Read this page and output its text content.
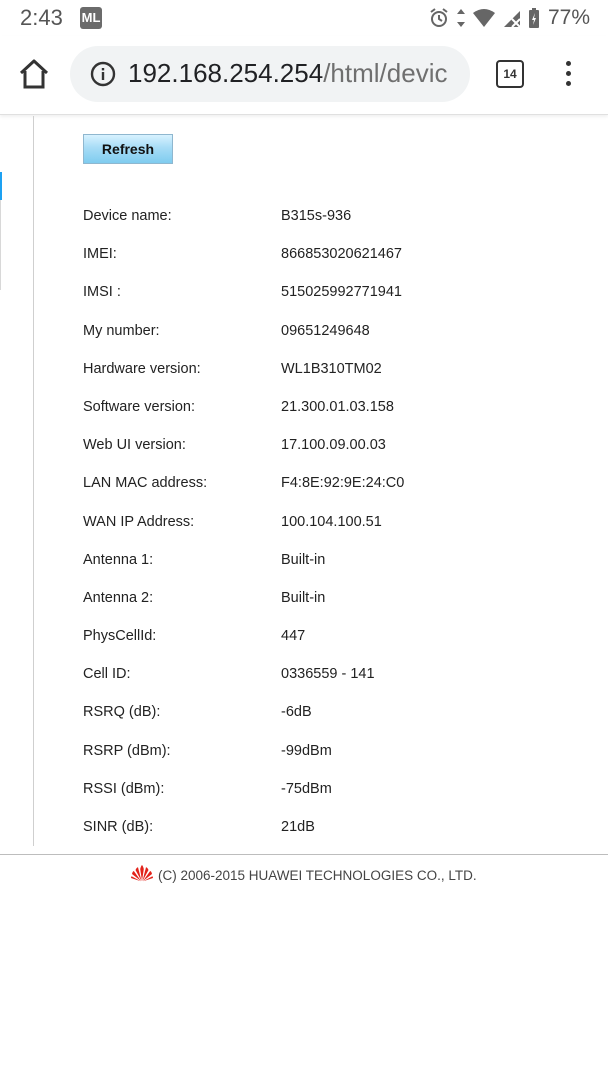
2:43 ML	77%
192.168.254.254/html/devic	14
Refresh
Device name:	B315s-936
IMEI:	866853020621467
IMSI :	515025992771941
My number:	09651249648
Hardware version:	WL1B310TM02
Software version:	21.300.01.03.158
Web UI version:	17.100.09.00.03
LAN MAC address:	F4:8E:92:9E:24:C0
WAN IP Address:	100.104.100.51
Antenna 1:	Built-in
Antenna 2:	Built-in
PhysCellId:	447
Cell ID:	0336559 - 141
RSRQ (dB):	-6dB
RSRP (dBm):	-99dBm
RSSI (dBm):	-75dBm
SINR (dB):	21dB
(C) 2006-2015 HUAWEI TECHNOLOGIES CO., LTD.
